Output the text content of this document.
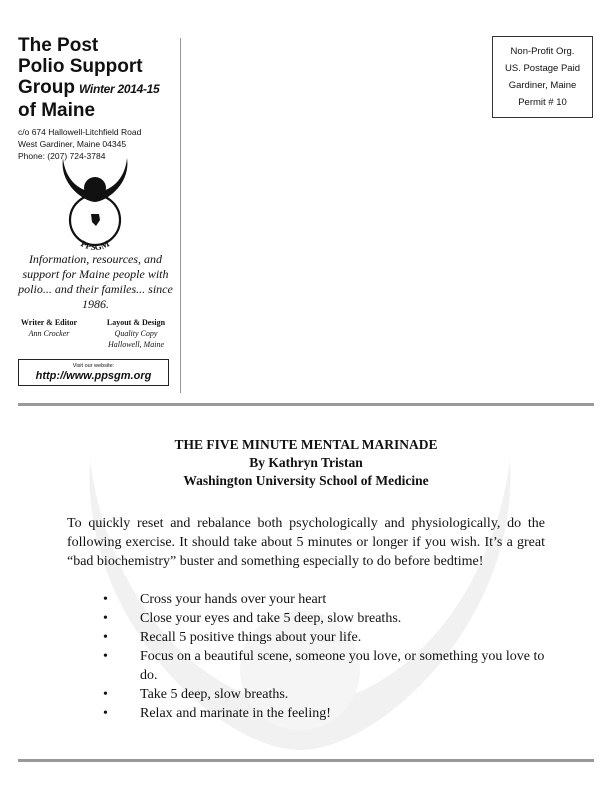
The Post
Polio Support
Group Winter 2014-15
of Maine
c/o 674 Hallowell-Litchfield Road
West Gardiner, Maine 04345
Phone: (207) 724-3784
PPSGM
Information, resources, and support for Maine people with polio... and their familes... since 1986.
Writer & Editor
Ann Crocker
Layout & Design
Quality Copy
Hallowell, Maine
Visit our website:
http://www.ppsgm.org
Non-Profit Org.
US. Postage Paid
Gardiner, Maine
Permit # 10
THE FIVE MINUTE MENTAL MARINADE
By Kathryn Tristan
Washington University School of Medicine
To quickly reset and rebalance both psychologically and physiologically, do the following exercise. It should take about 5 minutes or longer if you wish. It’s a great “bad biochemistry” buster and something especially to do before bedtime!
• Cross your hands over your heart
• Close your eyes and take 5 deep, slow breaths.
• Recall 5 positive things about your life.
• Focus on a beautiful scene, someone you love, or something you love to do.
• Take 5 deep, slow breaths.
• Relax and marinate in the feeling!
